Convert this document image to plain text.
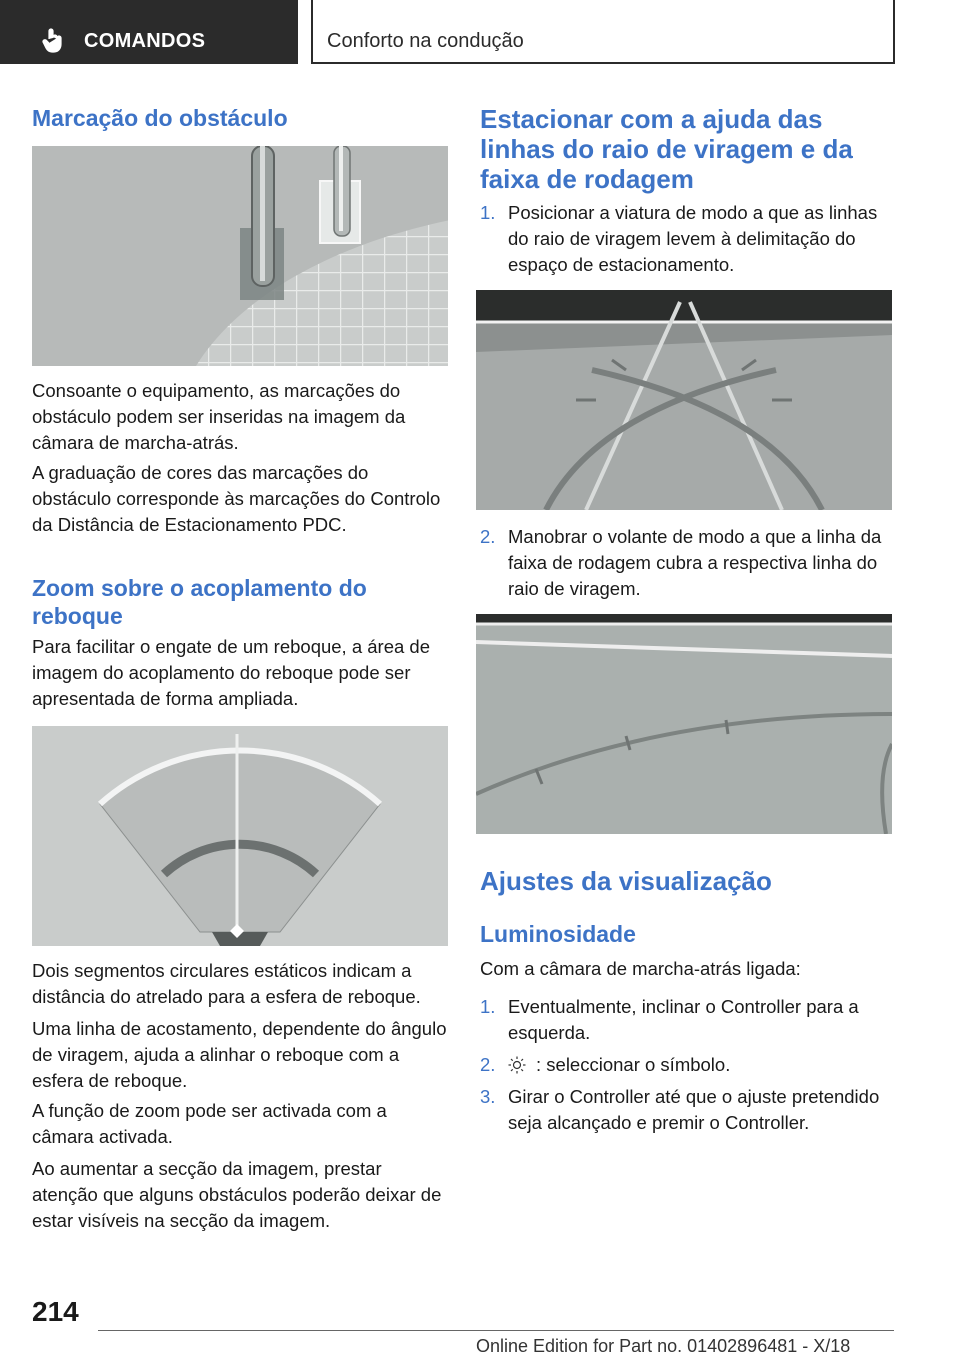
COMANDOS	Conforto na condução
Marcação do obstáculo

Consoante o equipamento, as marcações do obstáculo podem ser inseridas na imagem da câmara de marcha-atrás.

A graduação de cores das marcações do obstáculo corresponde às marcações do Controlo da Distância de Estacionamento PDC.

Zoom sobre o acoplamento do reboque

Para facilitar o engate de um reboque, a área de imagem do acoplamento do reboque pode ser apresentada de forma ampliada.

Dois segmentos circulares estáticos indicam a distância do atrelado para a esfera de reboque.

Uma linha de acostamento, dependente do ângulo de viragem, ajuda a alinhar o reboque com a esfera de reboque.

A função de zoom pode ser activada com a câmara activada.

Ao aumentar a secção da imagem, prestar atenção que alguns obstáculos poderão deixar de estar visíveis na secção da imagem.

Estacionar com a ajuda das linhas do raio de viragem e da faixa de rodagem
1. Posicionar a viatura de modo a que as linhas do raio de viragem levem à delimitação do espaço de estacionamento.
2. Manobrar o volante de modo a que a linha da faixa de rodagem cubra a respectiva linha do raio de viragem.
Ajustes da visualização
Luminosidade

Com a câmara de marcha-atrás ligada:

1. Eventualmente, inclinar o Controller para a esquerda.
2. : seleccionar o símbolo.
3. Girar o Controller até que o ajuste pretendido seja alcançado e premir o Controller.
214
Online Edition for Part no. 01402896481 - X/18
